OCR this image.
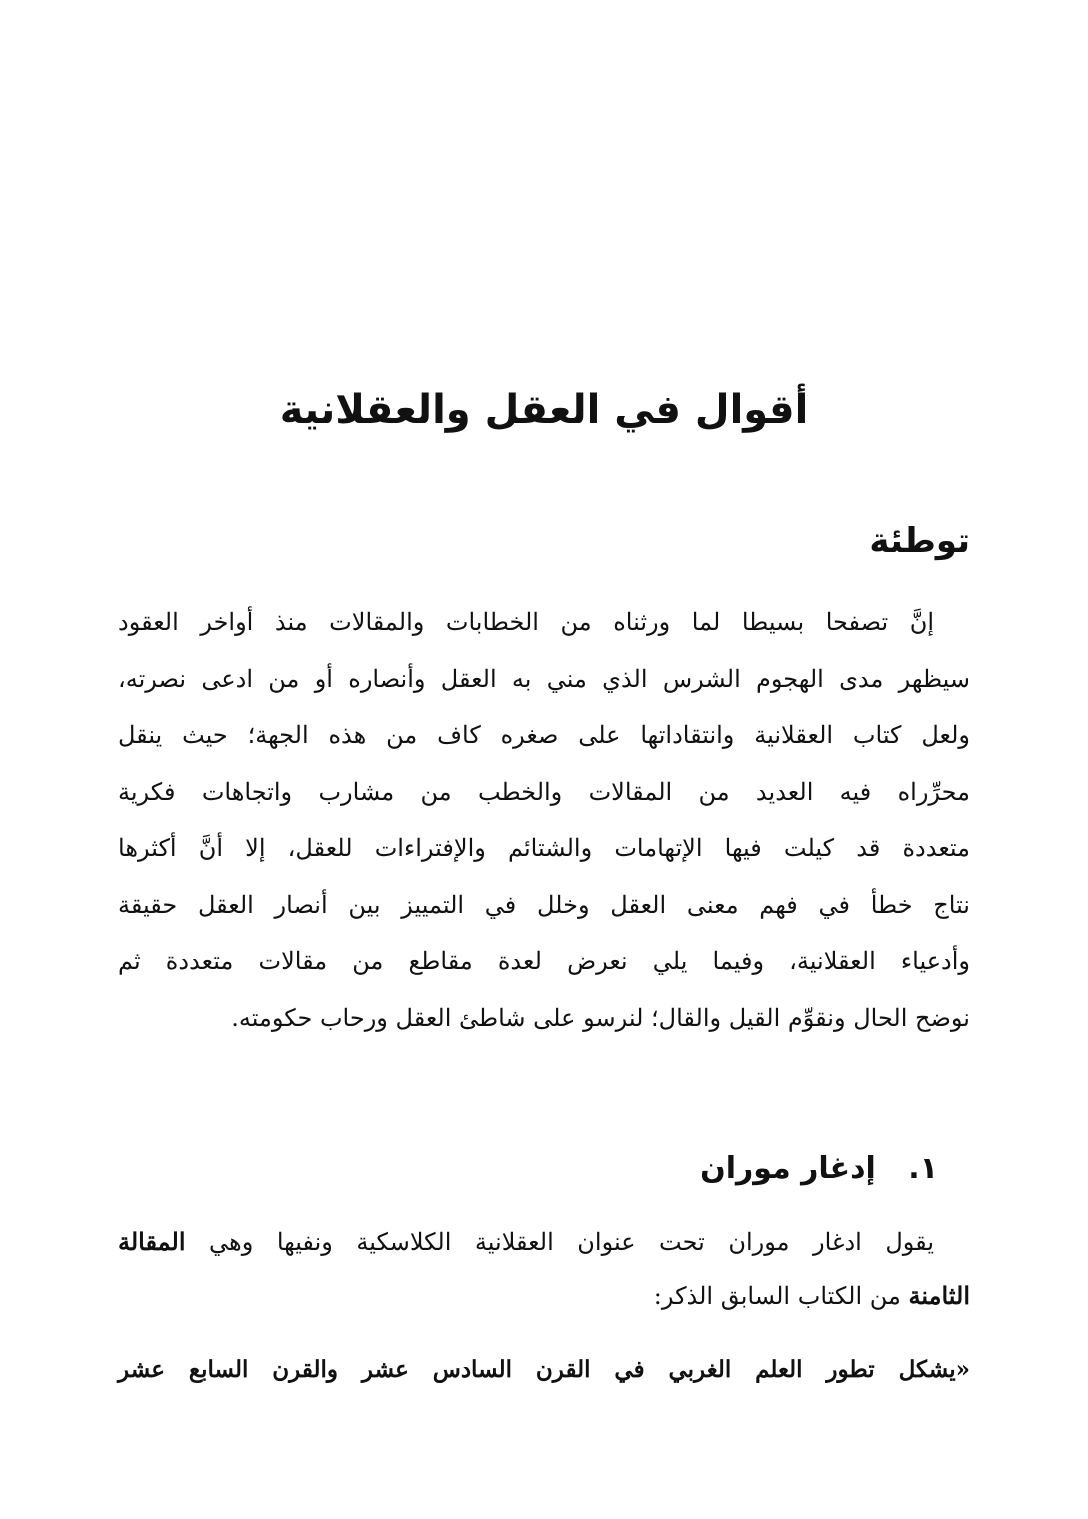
أقوال في العقل والعقلانية
توطئة

إنَّ تصفحا بسيطا لما ورثناه من الخطابات والمقالات منذ أواخر العقود
سيظهر مدى الهجوم الشرس الذي مني به العقل وأنصاره أو من ادعى نصرته،
ولعل كتاب العقلانية وانتقاداتها على صغره كاف من هذه الجهة؛ حيث ينقل
محرِّراه فيه العديد من المقالات والخطب من مشارب واتجاهات فكرية
متعددة قد كيلت فيها الإتهامات والشتائم والإفتراءات للعقل، إلا أنَّ أكثرها
نتاج خطأ في فهم معنى العقل وخلل في التمييز بين أنصار العقل حقيقة
وأدعياء العقلانية، وفيما يلي نعرض لعدة مقاطع من مقالات متعددة ثم
نوضح الحال ونقوِّم القيل والقال؛ لنرسو على شاطئ العقل ورحاب حكومته.

١. إدغار موران

يقول ادغار موران تحت عنوان العقلانية الكلاسكية ونفيها وهي المقالة
الثامنة من الكتاب السابق الذكر:

«يشكل تطور العلم الغربي في القرن السادس عشر والقرن السابع عشر
